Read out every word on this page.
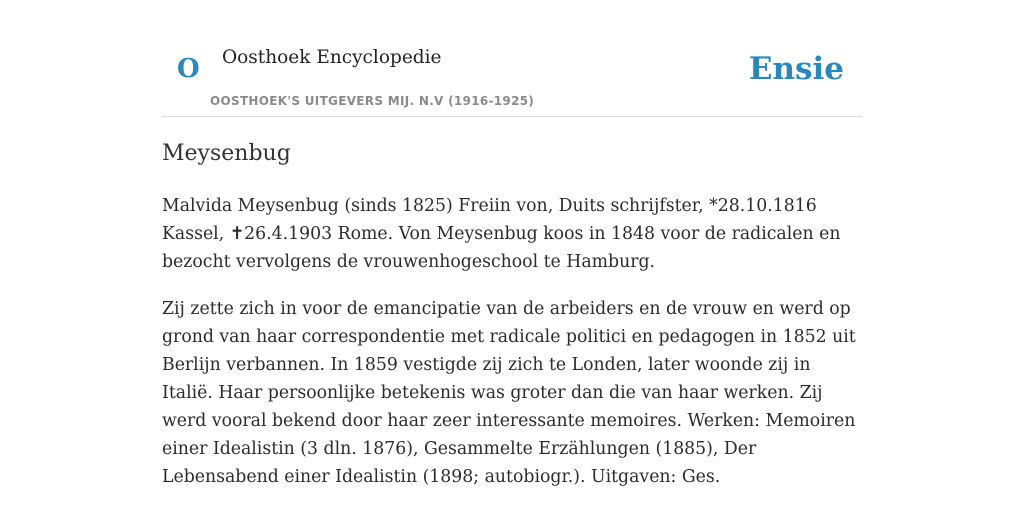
O Oosthoek Encyclopedie
OOSTHOEK'S UITGEVERS MIJ. N.V (1916-1925)
Ensie
Meysenbug

Malvida Meysenbug (sinds 1825) Freiin von, Duits schrijfster, *28.10.1816 Kassel, ✝26.4.1903 Rome. Von Meysenbug koos in 1848 voor de radicalen en bezocht vervolgens de vrouwenhogeschool te Hamburg.

Zij zette zich in voor de emancipatie van de arbeiders en de vrouw en werd op grond van haar correspondentie met radicale politici en pedagogen in 1852 uit Berlijn verbannen. In 1859 vestigde zij zich te Londen, later woonde zij in Italië. Haar persoonlijke betekenis was groter dan die van haar werken. Zij werd vooral bekend door haar zeer interessante memoires. Werken: Memoiren einer Idealistin (3 dln. 1876), Gesammelte Erzählungen (1885), Der Lebensabend einer Idealistin (1898; autobiogr.). Uitgaven: Ges.
